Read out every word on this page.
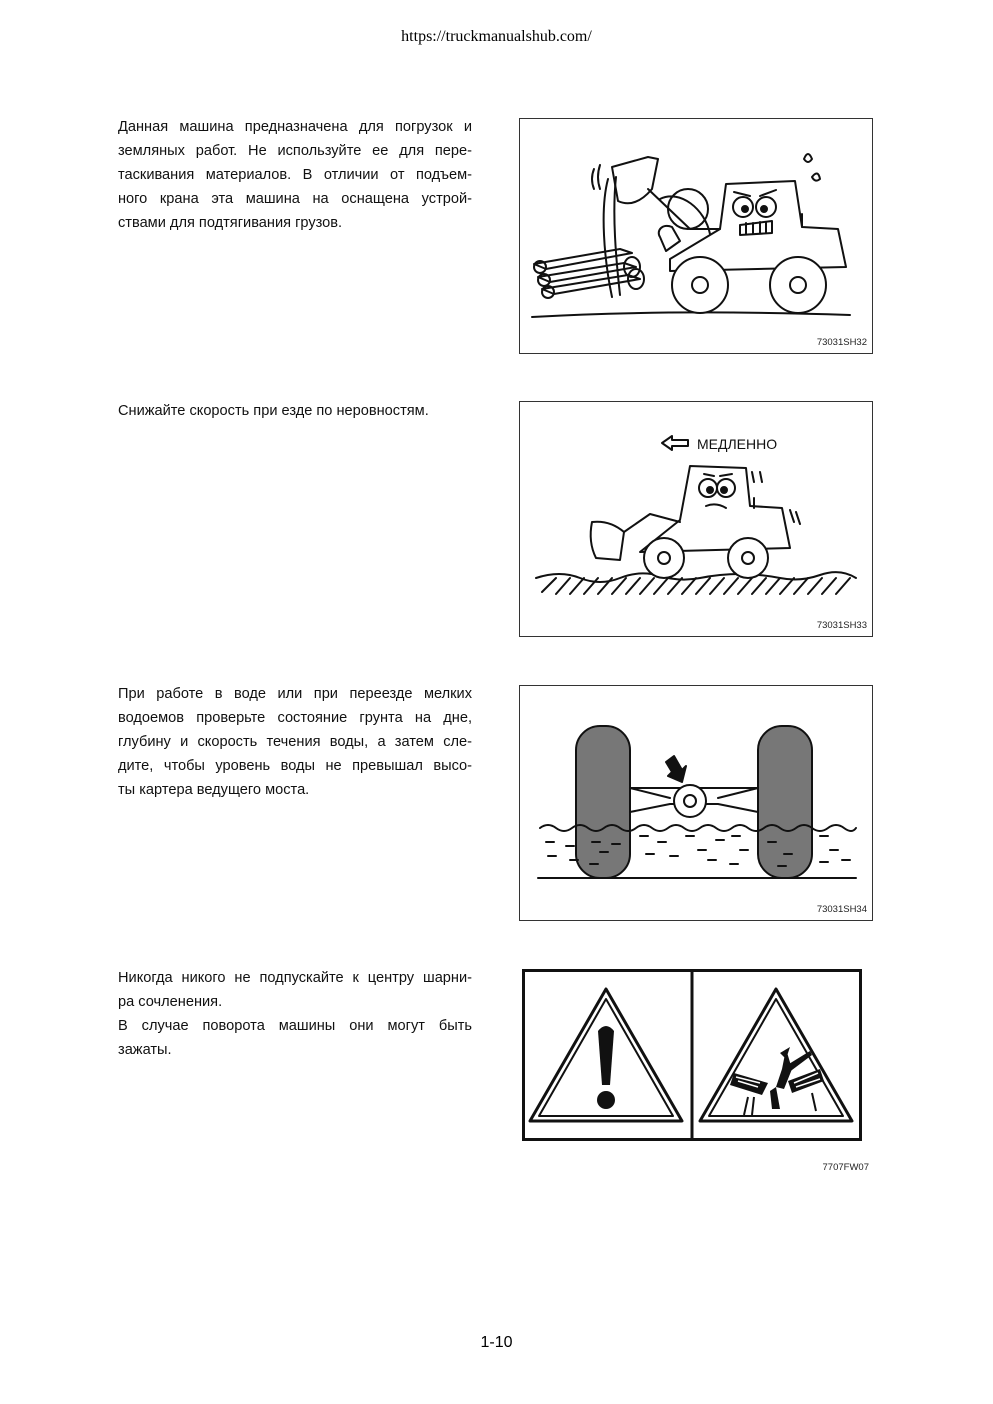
https://truckmanualshub.com/
Данная машина предназначена для погрузок и
земляных работ. Не используйте ее для пере-
таскивания материалов. В отличии от подъем-
ного крана эта машина на оснащена устрой-
ствами для подтягивания грузов.
73031SH32
Снижайте скорость при езде по неровностям.
МЕДЛЕННО
73031SH33
При работе в воде или при переезде мелких
водоемов проверьте состояние грунта на дне,
глубину и скорость течения воды, а затем сле-
дите, чтобы уровень воды не превышал высо-
ты картера ведущего моста.
73031SH34
Никогда никого не подпускайте к центру шарни-
ра сочленения.
В случае поворота машины они могут быть
зажаты.
7707FW07
1-10
